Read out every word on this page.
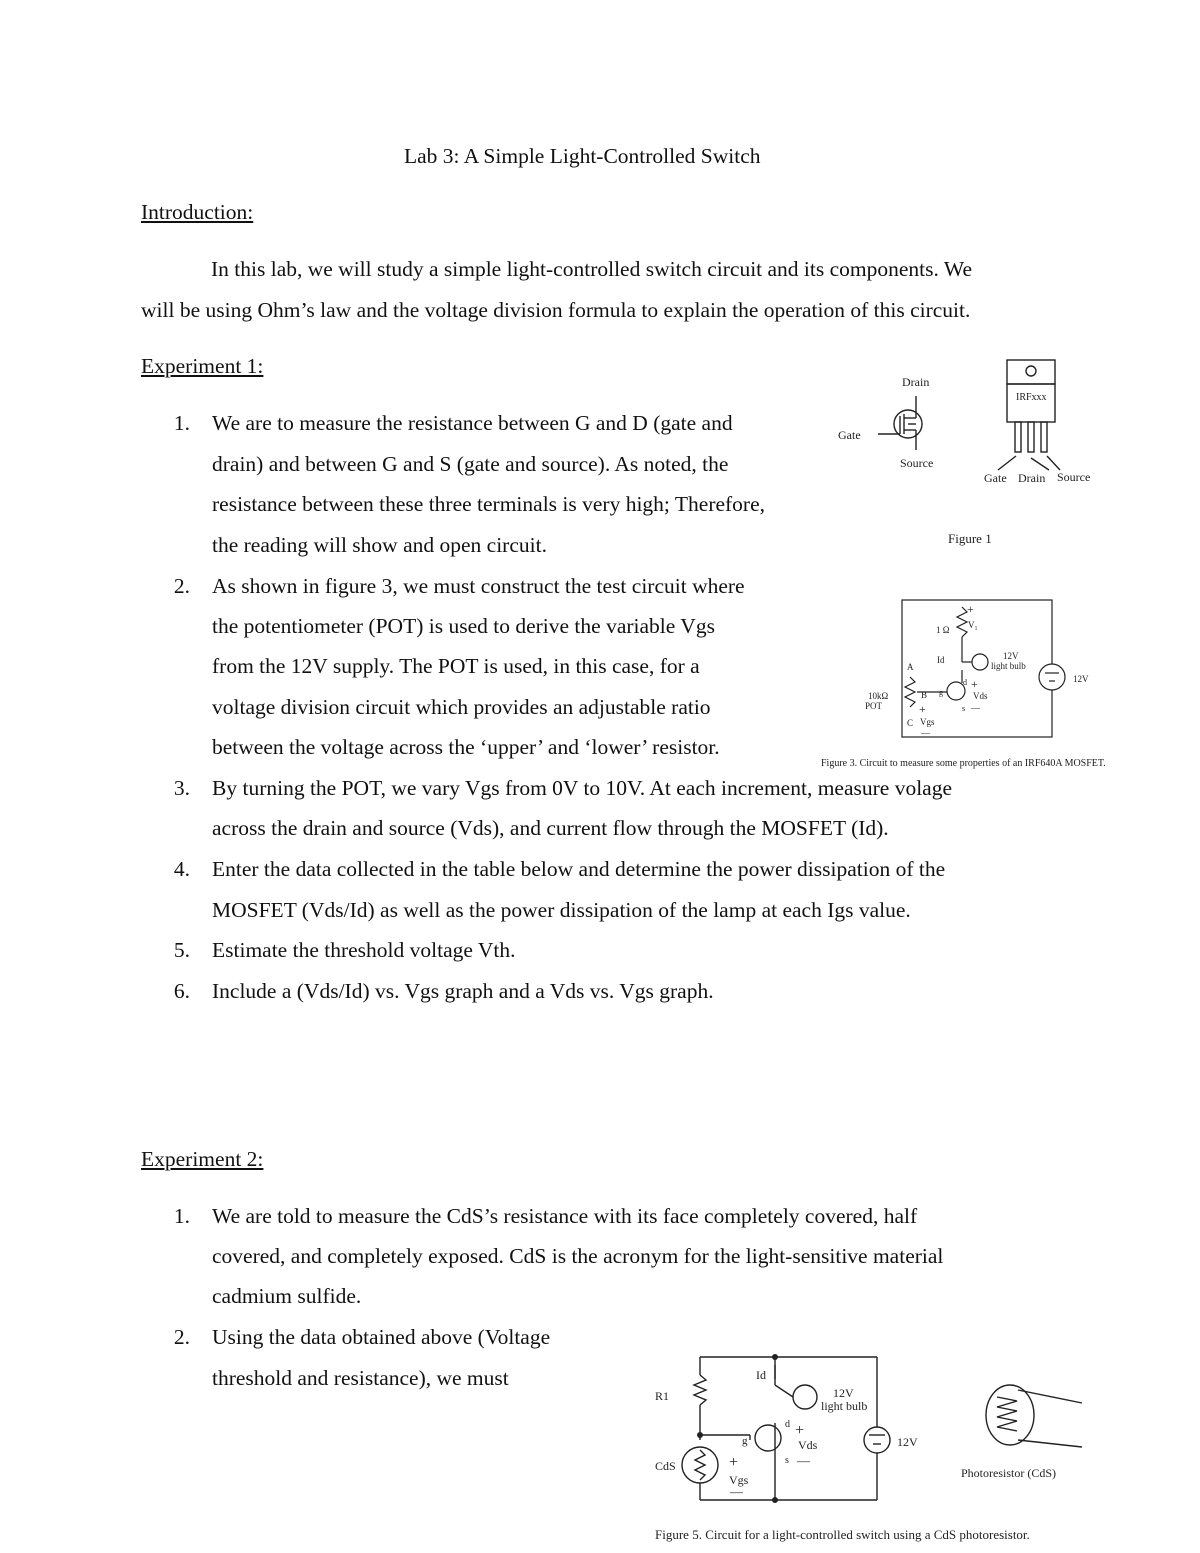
Lab 3: A Simple Light-Controlled Switch
Introduction:
In this lab, we will study a simple light-controlled switch circuit and its components. We
will be using Ohm’s law and the voltage division formula to explain the operation of this circuit.
Experiment 1:
1. We are to measure the resistance between G and D (gate and
drain) and between G and S (gate and source). As noted, the
resistance between these three terminals is very high; Therefore,
the reading will show and open circuit.
2. As shown in figure 3, we must construct the test circuit where
the potentiometer (POT) is used to derive the variable Vgs
from the 12V supply. The POT is used, in this case, for a
voltage division circuit which provides an adjustable ratio
between the voltage across the ‘upper’ and ‘lower’ resistor.
3. By turning the POT, we vary Vgs from 0V to 10V. At each increment, measure volage
across the drain and source (Vds), and current flow through the MOSFET (Id).
4. Enter the data collected in the table below and determine the power dissipation of the
MOSFET (Vds/Id) as well as the power dissipation of the lamp at each Igs value.
5. Estimate the threshold voltage Vth.
6. Include a (Vds/Id) vs. Vgs graph and a Vds vs. Vgs graph.
Experiment 2:
1. We are told to measure the CdS’s resistance with its face completely covered, half
covered, and completely exposed. CdS is the acronym for the light-sensitive material
cadmium sulfide.
2. Using the data obtained above (Voltage
threshold and resistance), we must
Drain
Gate
Source
IRFxxx
Gate Drain Source
Figure 1
+
1 Ω V₁
Id	12V
light bulb
12V
A
10kΩ
POT
B g
d +
Vds
s —
+
C Vgs
—
Figure 3. Circuit to measure some properties of an IRF640A MOSFET.
R1
Id
12V
light bulb
d +
Vds
g
s —
CdS	+
Vgs
—
12V
Photoresistor (CdS)
Figure 5. Circuit for a light-controlled switch using a CdS photoresistor.
